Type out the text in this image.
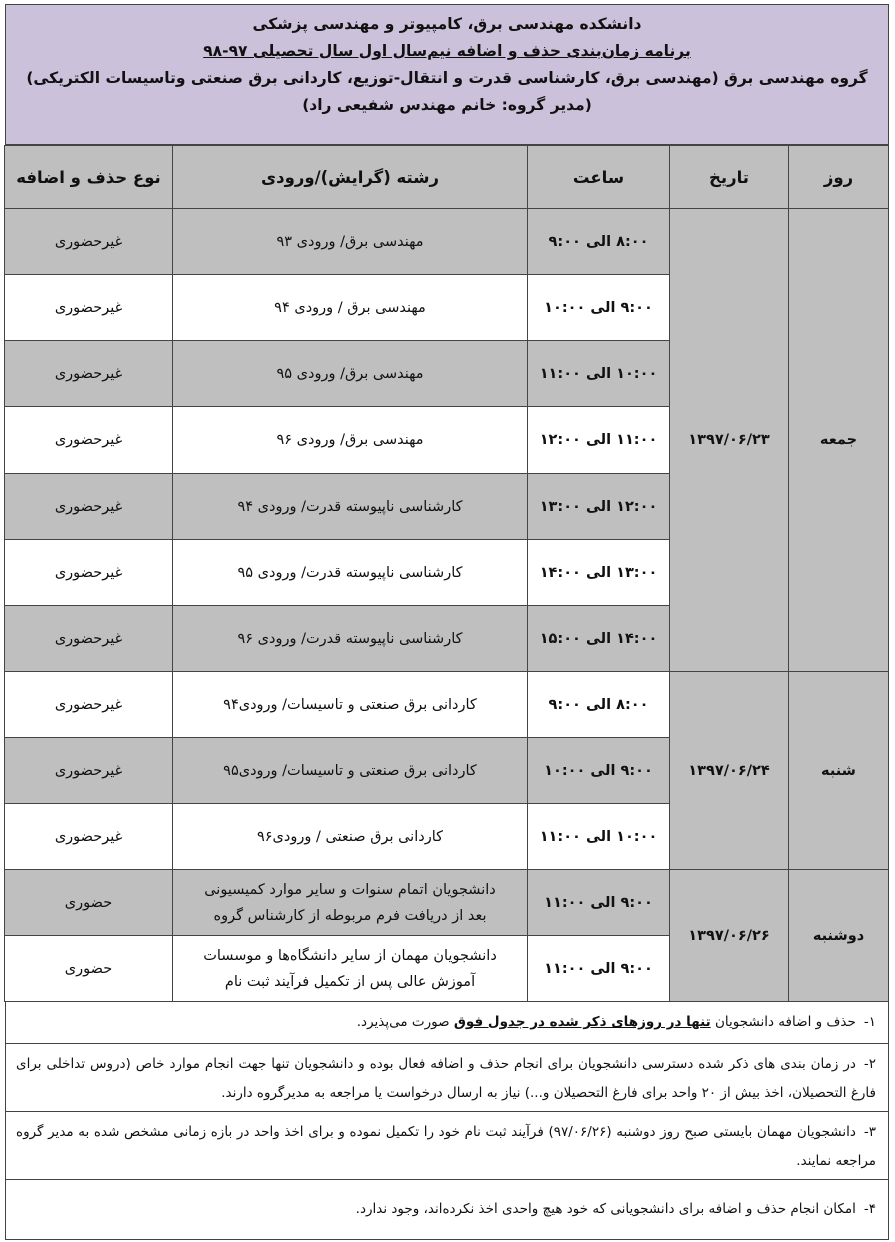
دانشکده مهندسی برق، کامپیوتر و مهندسی پزشکی
برنامه زمان‌بندی حذف و اضافه نیم‌سال اول سال تحصیلی ۹۷-۹۸
گروه مهندسی برق (مهندسی برق، کارشناسی قدرت و انتقال-توزیع، کاردانی برق صنعتی وتاسیسات الکتریکی)
(مدیر گروه: خانم مهندس شفیعی راد)
روز	تاریخ	ساعت	رشته (گرایش)/ورودی	نوع حذف و اضافه
جمعه	۱۳۹۷/۰۶/۲۳	۸:۰۰ الی ۹:۰۰	مهندسی برق/ ورودی ۹۳	غیرحضوری
		۹:۰۰ الی ۱۰:۰۰	مهندسی برق / ورودی ۹۴	غیرحضوری
		۱۰:۰۰ الی ۱۱:۰۰	مهندسی برق/ ورودی ۹۵	غیرحضوری
		۱۱:۰۰ الی ۱۲:۰۰	مهندسی برق/ ورودی ۹۶	غیرحضوری
		۱۲:۰۰ الی ۱۳:۰۰	کارشناسی ناپیوسته قدرت/ ورودی ۹۴	غیرحضوری
		۱۳:۰۰ الی ۱۴:۰۰	کارشناسی ناپیوسته قدرت/ ورودی ۹۵	غیرحضوری
		۱۴:۰۰ الی ۱۵:۰۰	کارشناسی ناپیوسته قدرت/ ورودی ۹۶	غیرحضوری
شنبه	۱۳۹۷/۰۶/۲۴	۸:۰۰ الی ۹:۰۰	کاردانی برق صنعتی و تاسیسات/ ورودی۹۴	غیرحضوری
		۹:۰۰ الی ۱۰:۰۰	کاردانی برق صنعتی و تاسیسات/ ورودی۹۵	غیرحضوری
		۱۰:۰۰ الی ۱۱:۰۰	کاردانی برق صنعتی / ورودی۹۶	غیرحضوری
دوشنبه	۱۳۹۷/۰۶/۲۶	۹:۰۰ الی ۱۱:۰۰	دانشجویان اتمام سنوات و سایر موارد کمیسیونی
بعد از دریافت فرم مربوطه از کارشناس گروه	حضوری
		۹:۰۰ الی ۱۱:۰۰	دانشجویان مهمان از سایر دانشگاه‌ها و موسسات
آموزش عالی پس از تکمیل فرآیند ثبت نام	حضوری
۱-حذف و اضافه دانشجویان تنها در روزهای ذکر شده در جدول فوق صورت می‌پذیرد.
۲-در زمان بندی های ذکر شده دسترسی دانشجویان برای انجام حذف و اضافه فعال بوده و دانشجویان تنها جهت انجام موارد خاص (دروس تداخلی برای فارغ التحصیلان، اخذ بیش از ۲۰ واحد برای فارغ التحصیلان و...) نیاز به ارسال درخواست یا مراجعه به مدیرگروه دارند.
۳-دانشجویان مهمان بایستی صبح روز دوشنبه (۹۷/۰۶/۲۶) فرآیند ثبت نام خود را تکمیل نموده و برای اخذ واحد در بازه زمانی مشخص شده به مدیر گروه مراجعه نمایند.
۴-امکان انجام حذف و اضافه برای دانشجویانی که خود هیچ واحدی اخذ نکرده‌اند، وجود ندارد.
